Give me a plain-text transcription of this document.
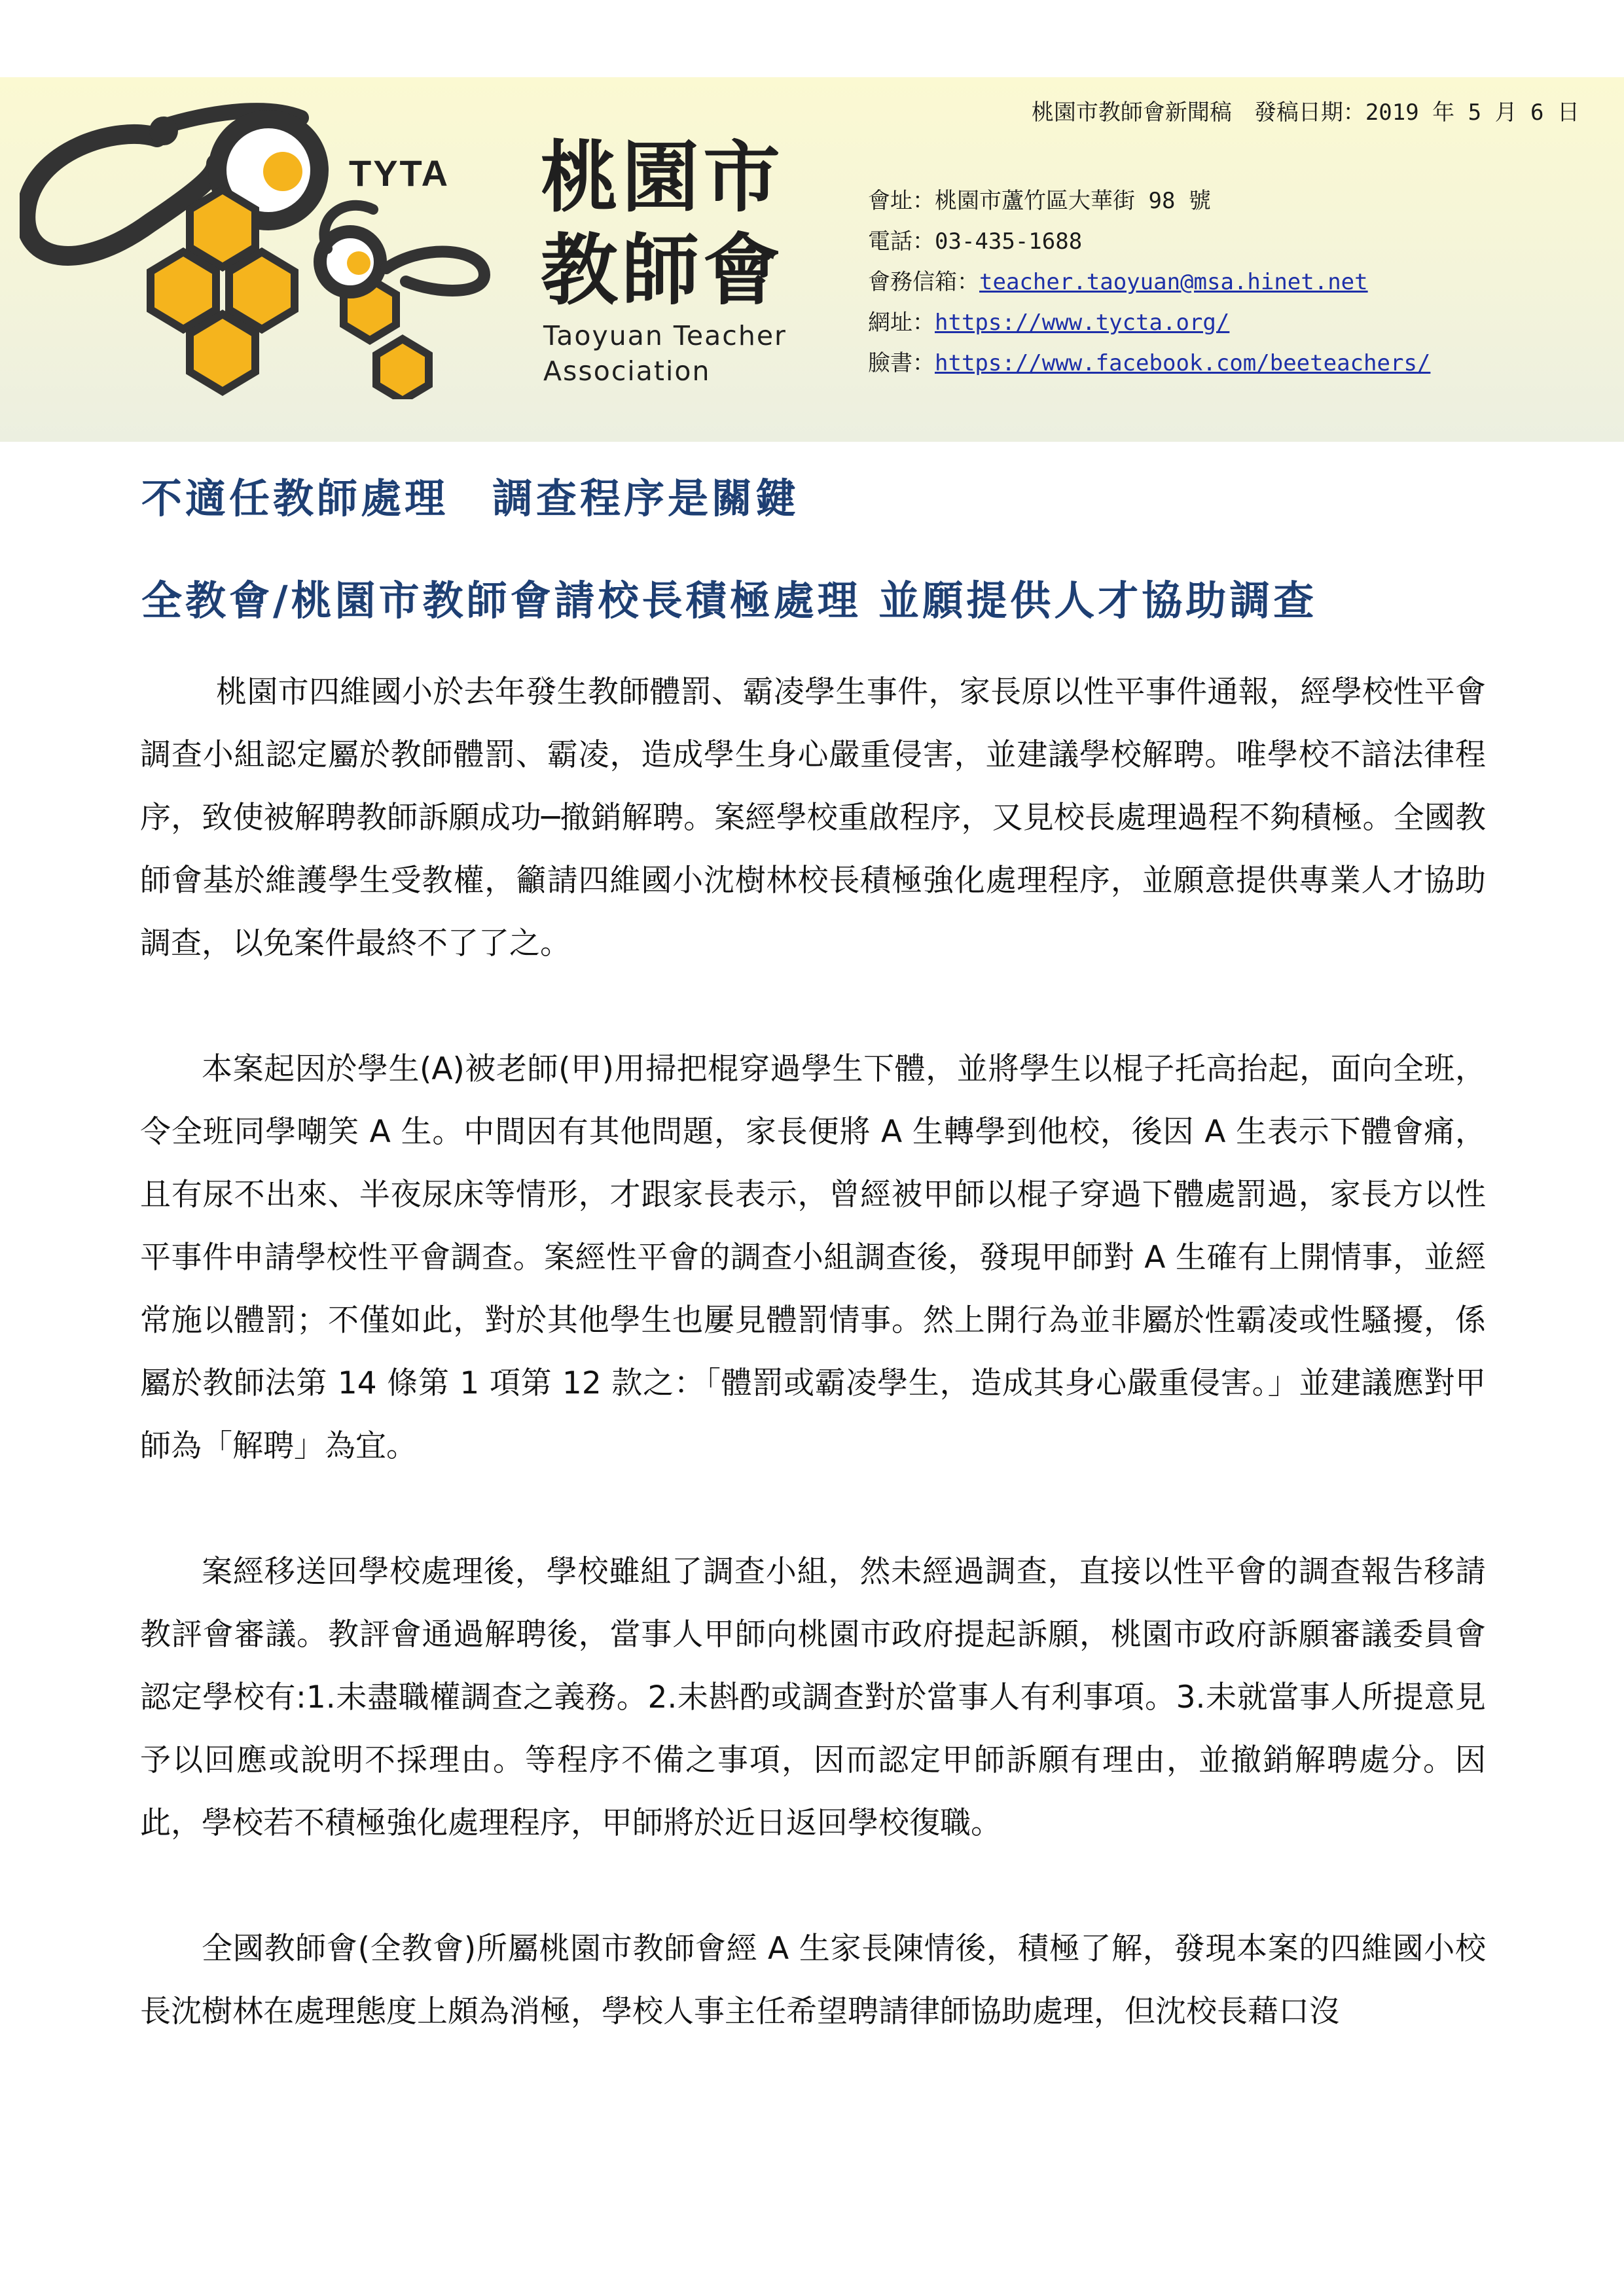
桃園市教師會新聞稿　發稿日期：2019 年 5 月 6 日
TYTA 桃園市
教師會
Taoyuan Teacher
Association
會址：桃園市蘆竹區大華街 98 號
電話：03-435-1688
會務信箱：teacher.taoyuan@msa.hinet.net
網址：https://www.tycta.org/
臉書：https://www.facebook.com/beeteachers/
不適任教師處理　調查程序是關鍵
全教會/桃園市教師會請校長積極處理 並願提供人才協助調查

桃園市四維國小於去年發生教師體罰、霸凌學生事件，家長原以性平事件通報，經學校性平會調查小組認定屬於教師體罰、霸凌，造成學生身心嚴重侵害，並建議學校解聘。唯學校不諳法律程序，致使被解聘教師訴願成功─撤銷解聘。案經學校重啟程序，又見校長處理過程不夠積極。全國教師會基於維護學生受教權，籲請四維國小沈樹林校長積極強化處理程序，並願意提供專業人才協助調查，以免案件最終不了了之。

本案起因於學生(A)被老師(甲)用掃把棍穿過學生下體，並將學生以棍子托高抬起，面向全班，令全班同學嘲笑 A 生。中間因有其他問題，家長便將 A 生轉學到他校，後因 A 生表示下體會痛，且有尿不出來、半夜尿床等情形，才跟家長表示，曾經被甲師以棍子穿過下體處罰過，家長方以性平事件申請學校性平會調查。案經性平會的調查小組調查後，發現甲師對 A 生確有上開情事，並經常施以體罰；不僅如此，對於其他學生也屢見體罰情事。然上開行為並非屬於性霸凌或性騷擾，係屬於教師法第 14 條第 1 項第 12 款之：「體罰或霸凌學生，造成其身心嚴重侵害。」並建議應對甲師為「解聘」為宜。

案經移送回學校處理後，學校雖組了調查小組，然未經過調查，直接以性平會的調查報告移請教評會審議。教評會通過解聘後，當事人甲師向桃園市政府提起訴願，桃園市政府訴願審議委員會認定學校有:1.未盡職權調查之義務。2.未斟酌或調查對於當事人有利事項。3.未就當事人所提意見予以回應或說明不採理由。等程序不備之事項，因而認定甲師訴願有理由，並撤銷解聘處分。因此，學校若不積極強化處理程序，甲師將於近日返回學校復職。

全國教師會(全教會)所屬桃園市教師會經 A 生家長陳情後，積極了解，發現本案的四維國小校長沈樹林在處理態度上頗為消極，學校人事主任希望聘請律師協助處理，但沈校長藉口沒
